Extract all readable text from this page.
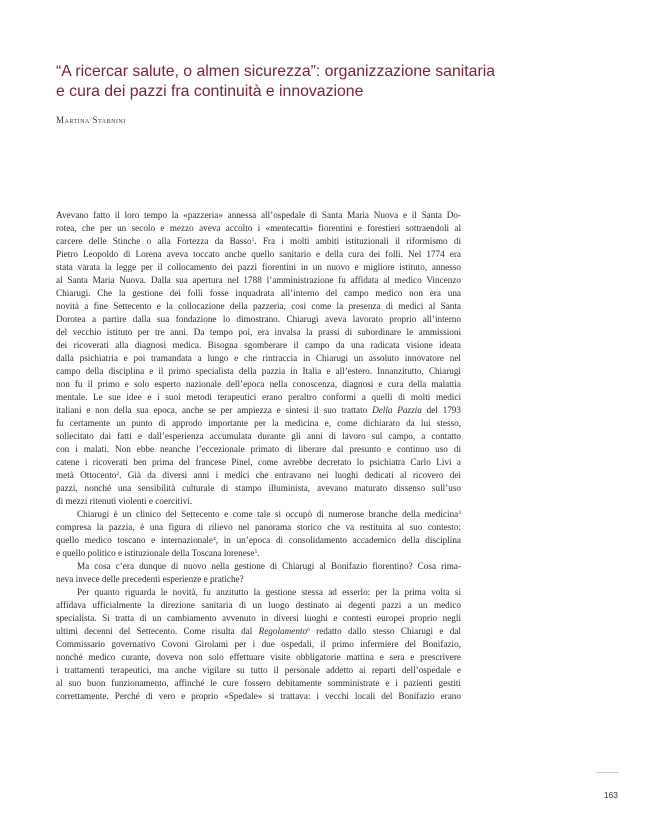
“A ricercar salute, o almen sicurezza”: organizzazione sanitaria
e cura dei pazzi fra continuità e innovazione

Martina Starnini

Avevano fatto il loro tempo la «pazzeria» annessa all’ospedale di Santa Maria Nuova e il Santa Do-
rotea, che per un secolo e mezzo aveva accolto i «mentecatti» fiorentini e forestieri sottraendoli al
carcere delle Stinche o alla Fortezza da Basso$^1$. Fra i molti ambiti istituzionali il riformismo di
Pietro Leopoldo di Lorena aveva toccato anche quello sanitario e della cura dei folli. Nel 1774 era
stata varata la legge per il collocamento dei pazzi fiorentini in un nuovo e migliore istituto, annesso
al Santa Maria Nuova. Dalla sua apertura nel 1788 l’amministrazione fu affidata al medico Vincenzo
Chiarugi. Che la gestione dei folli fosse inquadrata all’interno del campo medico non era una
novità a fine Settecento e la collocazione della pazzeria, così come la presenza di medici al Santa
Dorotea a partire dalla sua fondazione lo dimostrano. Chiarugi aveva lavorato proprio all’interno
del vecchio istituto per tre anni. Da tempo poi, era invalsa la prassi di subordinare le ammissioni
dei ricoverati alla diagnosi medica. Bisogna sgomberare il campo da una radicata visione ideata
dalla psichiatria e poi tramandata a lungo e che rintraccia in Chiarugi un assoluto innovatore nel
campo della disciplina e il primo specialista della pazzia in Italia e all’estero. Innanzitutto, Chiarugi
non fu il primo e solo esperto nazionale dell’epoca nella conoscenza, diagnosi e cura della malattia
mentale. Le sue idee e i suoi metodi terapeutici erano peraltro conformi a quelli di molti medici
italiani e non della sua epoca, anche se per ampiezza e sintesi il suo trattato Della Pazzia del 1793
fu certamente un punto di approdo importante per la medicina e, come dichiarato da lui stesso,
sollecitato dai fatti e dall’esperienza accumulata durante gli anni di lavoro sul campo, a contatto
con i malati. Non ebbe neanche l’eccezionale primato di liberare dal presunto e continuo uso di
catene i ricoverati ben prima del francese Pinel, come avrebbe decretato lo psichiatra Carlo Livi a
metà Ottocento$^2$. Già da diversi anni i medici che entravano nei luoghi dedicati al ricovero dei
pazzi, nonché una sensibilità culturale di stampo illuminista, avevano maturato dissenso sull’uso
di mezzi ritenuti violenti e coercitivi.

Chiarugi è un clinico del Settecento e come tale si occupò di numerose branche della medicina$^3$
compresa la pazzia, è una figura di rilievo nel panorama storico che va restituita al suo contesto:
quello medico toscano e internazionale$^4$, in un’epoca di consolidamento accademico della disciplina
e quello politico e istituzionale della Toscana lorenese$^5$.

Ma cosa c’era dunque di nuovo nella gestione di Chiarugi al Bonifazio fiorentino? Cosa rima-
neva invece delle precedenti esperienze e pratiche?

Per quanto riguarda le novità, fu anzitutto la gestione stessa ad esserlo: per la prima volta si
affidava ufficialmente la direzione sanitaria di un luogo destinato ai degenti pazzi a un medico
specialista. Si tratta di un cambiamento avvenuto in diversi luoghi e contesti europei proprio negli
ultimi decenni del Settecento. Come risulta dal Regolamento$^6$ redatto dallo stesso Chiarugi e dal
Commissario governativo Covoni Girolami per i due ospedali, il primo infermiere del Bonifazio,
nonché medico curante, doveva non solo effettuare visite obbligatorie mattina e sera e prescrivere
i trattamenti terapeutici, ma anche vigilare su tutto il personale addetto ai reparti dell’ospedale e
al suo buon funzionamento, affinché le cure fossero debitamente somministrate e i pazienti gestiti
correttamente. Perché di vero e proprio «Spedale» si trattava: i vecchi locali del Bonifazio erano

163
